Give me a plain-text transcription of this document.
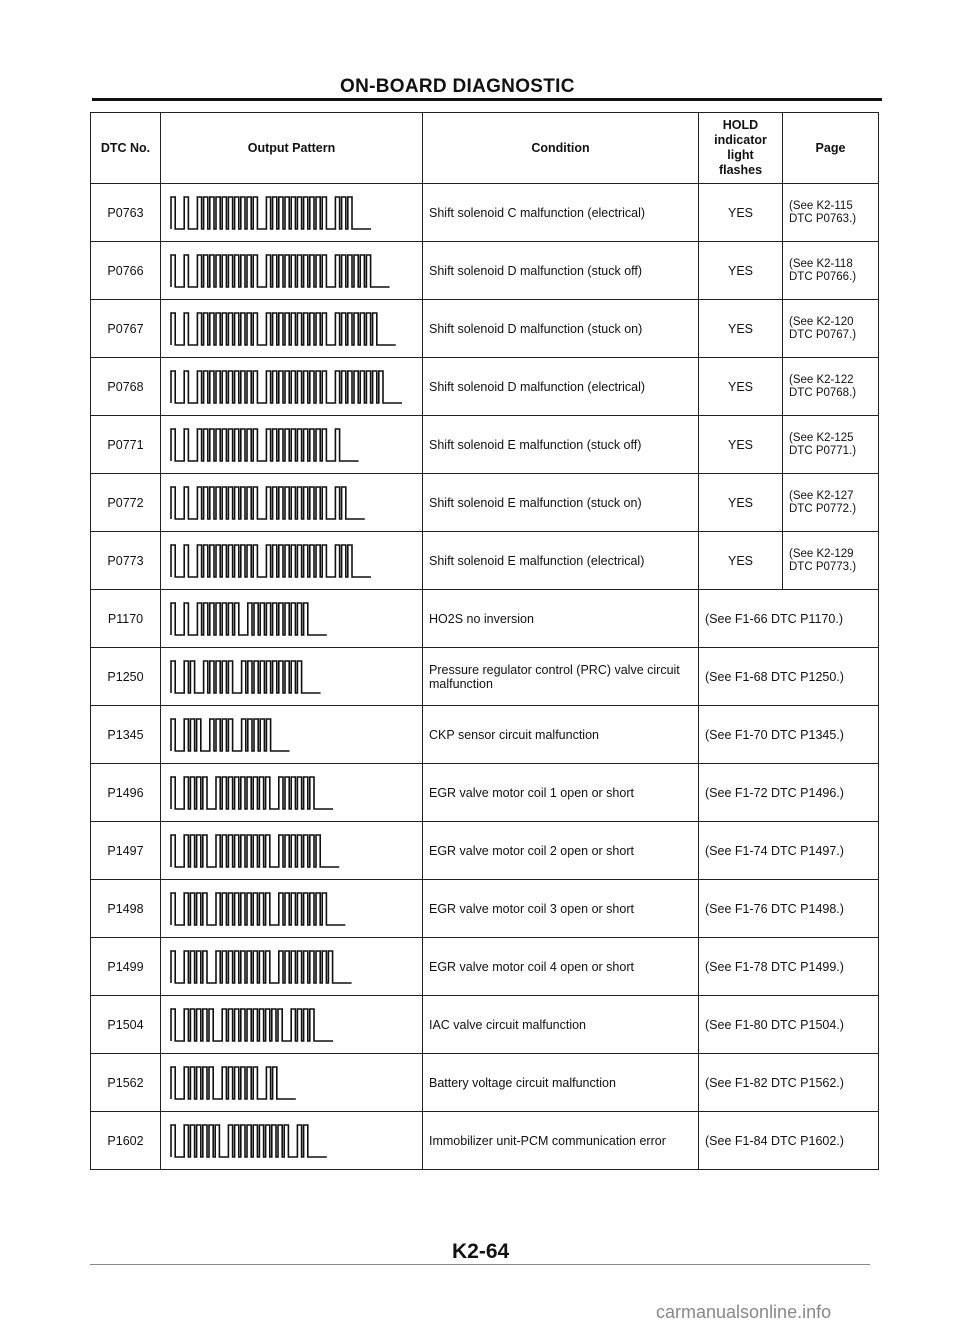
ON-BOARD DIAGNOSTIC
DTC No.	Output Pattern	Condition	HOLD indicator light flashes	Page
P0763		Shift solenoid C malfunction (electrical)	YES	(See K2-115 DTC P0763.)
P0766		Shift solenoid D malfunction (stuck off)	YES	(See K2-118 DTC P0766.)
P0767		Shift solenoid D malfunction (stuck on)	YES	(See K2-120 DTC P0767.)
P0768		Shift solenoid D malfunction (electrical)	YES	(See K2-122 DTC P0768.)
P0771		Shift solenoid E malfunction (stuck off)	YES	(See K2-125 DTC P0771.)
P0772		Shift solenoid E malfunction (stuck on)	YES	(See K2-127 DTC P0772.)
P0773		Shift solenoid E malfunction (electrical)	YES	(See K2-129 DTC P0773.)
P1170		HO2S no inversion	(See F1-66 DTC P1170.)	
P1250		Pressure regulator control (PRC) valve circuit malfunction	(See F1-68 DTC P1250.)	
P1345		CKP sensor circuit malfunction	(See F1-70 DTC P1345.)	
P1496		EGR valve motor coil 1 open or short	(See F1-72 DTC P1496.)	
P1497		EGR valve motor coil 2 open or short	(See F1-74 DTC P1497.)	
P1498		EGR valve motor coil 3 open or short	(See F1-76 DTC P1498.)	
P1499		EGR valve motor coil 4 open or short	(See F1-78 DTC P1499.)	
P1504		IAC valve circuit malfunction	(See F1-80 DTC P1504.)	
P1562		Battery voltage circuit malfunction	(See F1-82 DTC P1562.)	
P1602		Immobilizer unit-PCM communication error	(See F1-84 DTC P1602.)	
K2-64
carmanualsonline.info
